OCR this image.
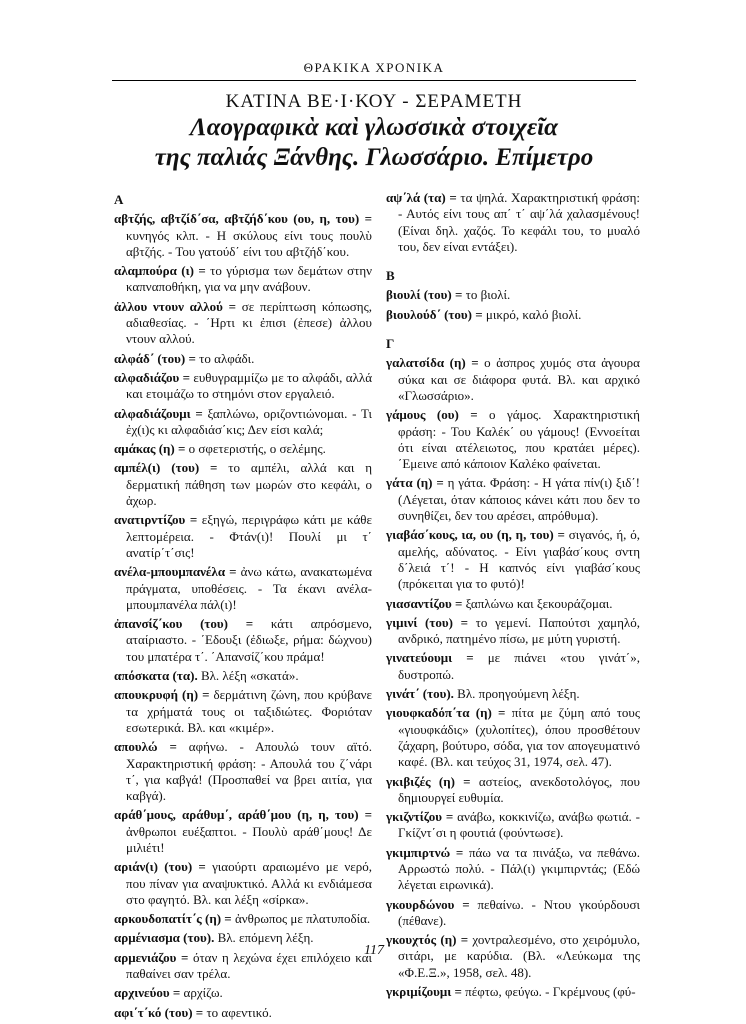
ΘΡΑΚΙΚΑ ΧΡΟΝΙΚΑ
ΚΑΤΙΝΑ ΒΕ·Ι·ΚΟΥ - ΣΕΡΑΜΕΤΗ
Λαογραφικὰ καὶ γλωσσικὰ στοιχεῖα
της παλιάς Ξάνθης. Γλωσσάριο. Επίμετρο
Α

αβτζής, αβτζίδ΄σα, αβτζήδ΄κου (ου, η, του) = κυνηγός κλπ. - Η σκύλους είνι τους πουλὺ αβτζής. - Του γατούδ΄ είνι του αβτζήδ΄κου.

αλαμπούρα (ι) = το γύρισμα των δεμάτων στην καπναποθήκη, για να μην ανάβουν.

ἀλλου ντουν αλλού = σε περίπτωση κόπωσης, αδιαθεσίας. - ΄Ηρτι κι ἐπισι (ἐπεσε) ἀλλου ντουν αλλού.

αλφάδ΄ (του) = το αλφάδι.

αλφαδιάζου = ευθυγραμμίζω με το αλφάδι, αλλά και ετοιμάζω το στημόνι στον εργαλειό.

αλφαδιάζουμι = ξαπλώνω, οριζοντιώνομαι. - Τι ἐχ(ι)ς κι αλφαδιάσ΄κις; Δεν είσι καλά;

αμάκας (η) = ο σφετεριστής, ο σελέμης.

αμπέλ(ι) (του) = το αμπέλι, αλλά και η δερματική πάθηση των μωρών στο κεφάλι, ο ἀχωρ.

ανατιρντίζου = εξηγώ, περιγράφω κάτι με κάθε λεπτομέρεια. - Φτάν(ι)! Πουλί μι τ΄ ανατίρ΄τ΄σις!

ανέλα-μπουμπανέλα = ἀνω κάτω, ανακατωμένα πράγματα, υποθέσεις. - Τα έκανι ανέλα-μπουμπανέλα πάλ(ι)!

ἀπανσίζ΄κου (του) = κάτι απρόσμενο, αταίριαστο. - ΄Εδουξι (ἐδιωξε, ρήμα: δώχνου) του μπατέρα τ΄. ΄Απανσίζ΄κου πράμα!

απόσκατα (τα). Βλ. λέξη «σκατά».

απουκρυφή (η) = δερμάτινη ζώνη, που κρύβανε τα χρήματά τους οι ταξιδιώτες. Φοριόταν εσωτερικά. Βλ. και «κιμέρ».

απουλώ = αφήνω. - Απουλώ τουν αϊτό. Χαρακτηριστική φράση: - Απουλά του ζ΄νάρι τ΄, για καβγά! (Προσπαθεί να βρει αιτία, για καβγά).

αράθ΄μους, αράθυμ΄, αράθ΄μου (η, η, του) = ἀνθρωποι ευέξαπτοι. - Πουλὺ αράθ΄μους! Δε μιλιέτι!

αριάν(ι) (του) = γιαούρτι αραιωμένο με νερό, που πίναν για αναψυκτικό. Αλλά κι ενδιάμεσα στο φαγητό. Βλ. και λέξη «σίρκα».

αρκουδοπατίτ΄ς (η) = ἀνθρωπος με πλατυποδία.

αρμένιασμα (του). Βλ. επόμενη λέξη.

αρμενιάζου = όταν η λεχώνα έχει επιλόχειο και παθαίνει σαν τρέλα.

αρχινεύου = αρχίζω.

αφι΄τ΄κό (του) = το αφεντικό.

αψ΄λά (τα) = τα ψηλά. Χαρακτηριστική φράση: - Αυτός είνι τους απ΄ τ΄ αψ΄λά χαλασμένους! (Είναι δηλ. χαζός. Το κεφάλι του, το μυαλό του, δεν είναι εντάξει).

Β

βιουλί (του) = το βιολί.

βιουλούδ΄ (του) = μικρό, καλό βιολί.

Γ

γαλατσίδα (η) = ο ἀσπρος χυμός στα ἀγουρα σύκα και σε διάφορα φυτά. Βλ. και αρχικό «Γλωσσάριο».

γάμους (ου) = ο γάμος. Χαρακτηριστική φράση: - Του Καλέκ΄ ου γάμους! (Εννοείται ότι είναι ατέλειωτος, που κρατάει μέρες). ΄Εμεινε από κάποιον Καλέκο φαίνεται.

γάτα (η) = η γάτα. Φράση: - Η γάτα πίν(ι) ξιδ΄! (Λέγεται, όταν κάποιος κάνει κάτι που δεν το συνηθίζει, δεν του αρέσει, απρόθυμα).

γιαβάσ΄κους, ια, ου (η, η, του) = σιγανός, ή, ό, αμελής, αδύνατος. - Είνι γιαβάσ΄κους σντη δ΄λειά τ΄! - Η καπνός είνι γιαβάσ΄κους (πρόκειται για το φυτό)!

γιασαντίζου = ξαπλώνω και ξεκουράζομαι.

γιμινί (του) = το γεμενί. Παπούτσι χαμηλό, ανδρικό, πατημένο πίσω, με μύτη γυριστή.

γινατεύουμι = με πιάνει «του γινάτ΄», δυστροπώ.

γινάτ΄ (του). Βλ. προηγούμενη λέξη.

γιουφκαδόπ΄τα (η) = πίτα με ζύμη από τους «γιουφκάδις» (χυλοπίτες), όπου προσθέτουν ζάχαρη, βούτυρο, σόδα, για τον απογευματινό καφέ. (Βλ. και τεύχος 31, 1974, σελ. 47).

γκιβιζές (η) = αστείος, ανεκδοτολόγος, που δημιουργεί ευθυμία.

γκιζντίζου = ανάβω, κοκκινίζω, ανάβω φωτιά. - Γκίζντ΄σι η φουτιά (φούντωσε).

γκιμπιρτνώ = πάω να τα πινάξω, να πεθάνω. Αρρωστώ πολύ. - Πάλ(ι) γκιμπιρντάς; (Εδώ λέγεται ειρωνικά).

γκουρδώνου = πεθαίνω. - Ντου γκούρδουσι (πέθανε).

γκουχτός (η) = χοντραλεσμένο, στο χειρόμυλο, σιτάρι, με καρύδια. (Βλ. «Λεύκωμα της «Φ.Ε.Ξ.», 1958, σελ. 48).

γκριμίζουμι = πέφτω, φεύγω. - Γκρέμνους (φύ-

117
